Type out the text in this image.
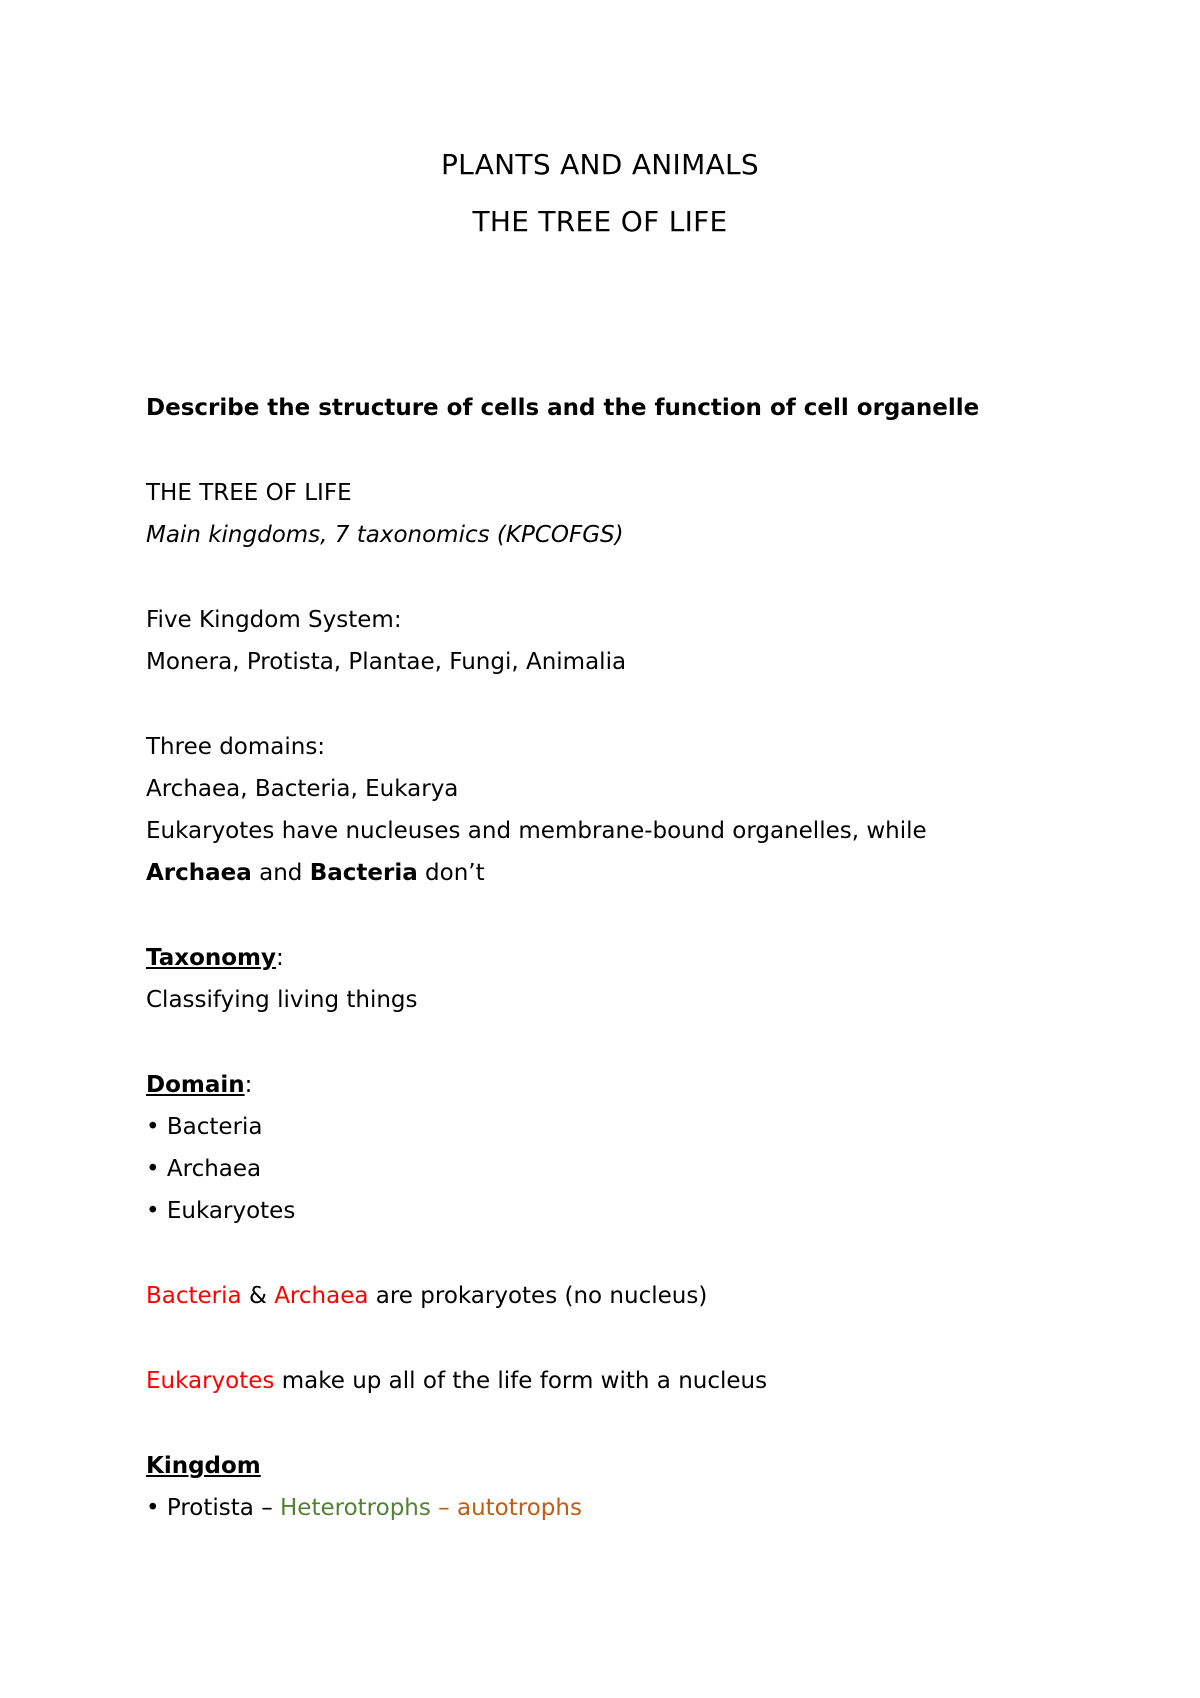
PLANTS AND ANIMALS
THE TREE OF LIFE
Describe the structure of cells and the function of cell organelle
THE TREE OF LIFE
Main kingdoms, 7 taxonomics (KPCOFGS)
Five Kingdom System:
Monera, Protista, Plantae, Fungi, Animalia
Three domains:
Archaea, Bacteria, Eukarya
Eukaryotes have nucleuses and membrane-bound organelles, while
Archaea and Bacteria don’t
Taxonomy:
Classifying living things
Domain:
• Bacteria
• Archaea
• Eukaryotes
Bacteria & Archaea are prokaryotes (no nucleus)
Eukaryotes make up all of the life form with a nucleus
Kingdom
• Protista – Heterotrophs – autotrophs
